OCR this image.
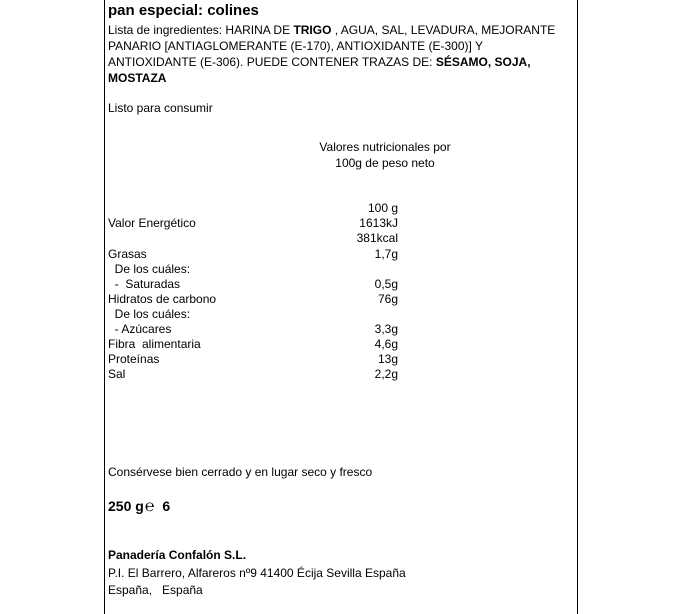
pan especial: colines
Lista de ingredientes: HARINA DE TRIGO , AGUA, SAL, LEVADURA, MEJORANTE PANARIO [ANTIAGLOMERANTE (E-170), ANTIOXIDANTE (E-300)] Y ANTIOXIDANTE (E-306). PUEDE CONTENER TRAZAS DE: SÉSAMO, SOJA, MOSTAZA
Listo para consumir
Valores nutricionales por
100g de peso neto
100 g
Valor Energético	1613kJ
381kcal
Grasas	1,7g
De los cuáles:
-  Saturadas	0,5g
Hidratos de carbono	76g
De los cuáles:
- Azúcares	3,3g
Fibra  alimentaria	4,6g
Proteínas	13g
Sal	2,2g
Consérvese bien cerrado y en lugar seco y fresco
250 g℮ 6
Panadería Confalón S.L.
P.I. El Barrero, Alfareros nº9 41400 Écija Sevilla España
España,   España
